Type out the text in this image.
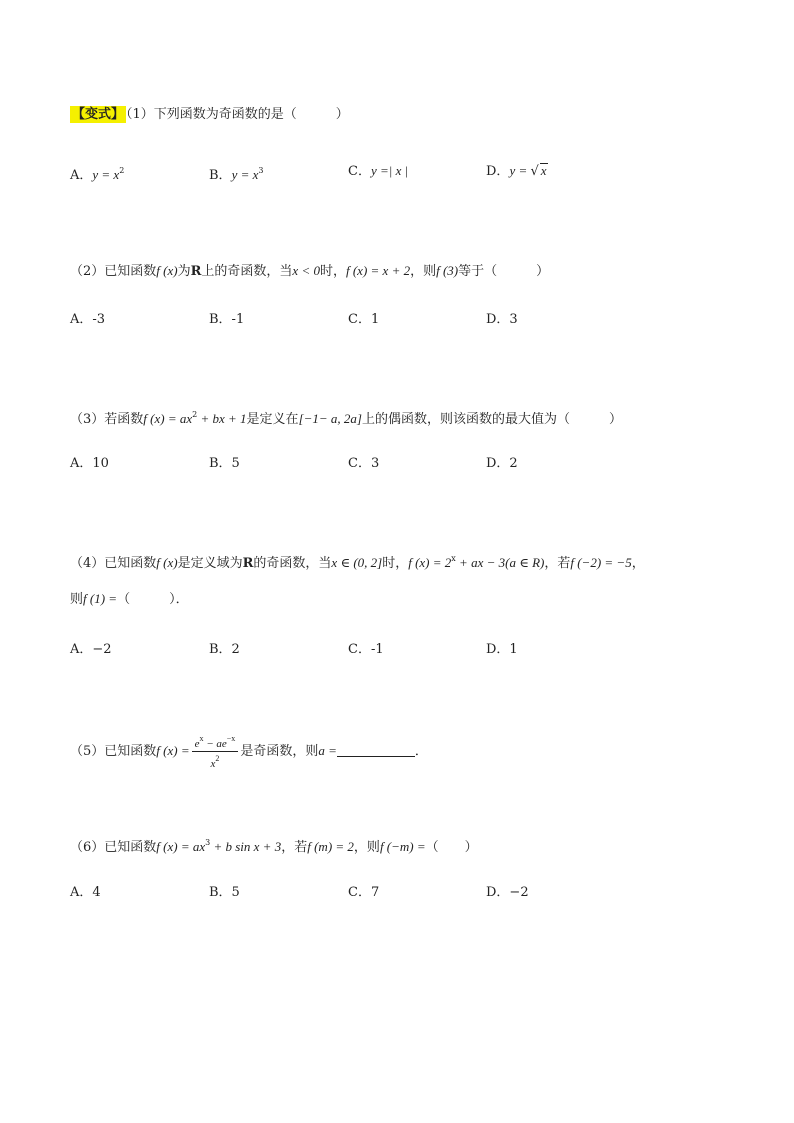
【变式】 （1）下列函数为奇函数的是（　　　）
A．$y = x^2$	B．$y = x^3$	C．y =| x |	D．y = √ x
（2）已知函数f (x)为R上的奇函数，当x < 0时，f (x) = x + 2，则f (3)等于（　　　）
A．-3	B．-1	C．1	D．3
（3）若函数f $(x) = ax^2$ + bx + 1是定义在[−1− a, 2a]上的偶函数，则该函数的最大值为（　　　）
A．10	B．5	C．3	D．2
（4）已知函数f (x)是定义域为R的奇函数，当x ∈ (0, 2]时，f $(x) = 2^x$ + ax − 3(a ∈ R)，若f (−2) = −5，
则f (1) =（　　　）．
A．−2	B．2	C．-1	D．1
（5）已知函数f $(x) = \frac{e^x - ae^{-x}}{x^2}$ 是奇函数，则a =	．
（6）已知函数f $(x) = ax^3 + b$ sin x + 3，若f (m) = 2，则f (−m) =（　　）
A．4	B．5	C．7	D．−2
